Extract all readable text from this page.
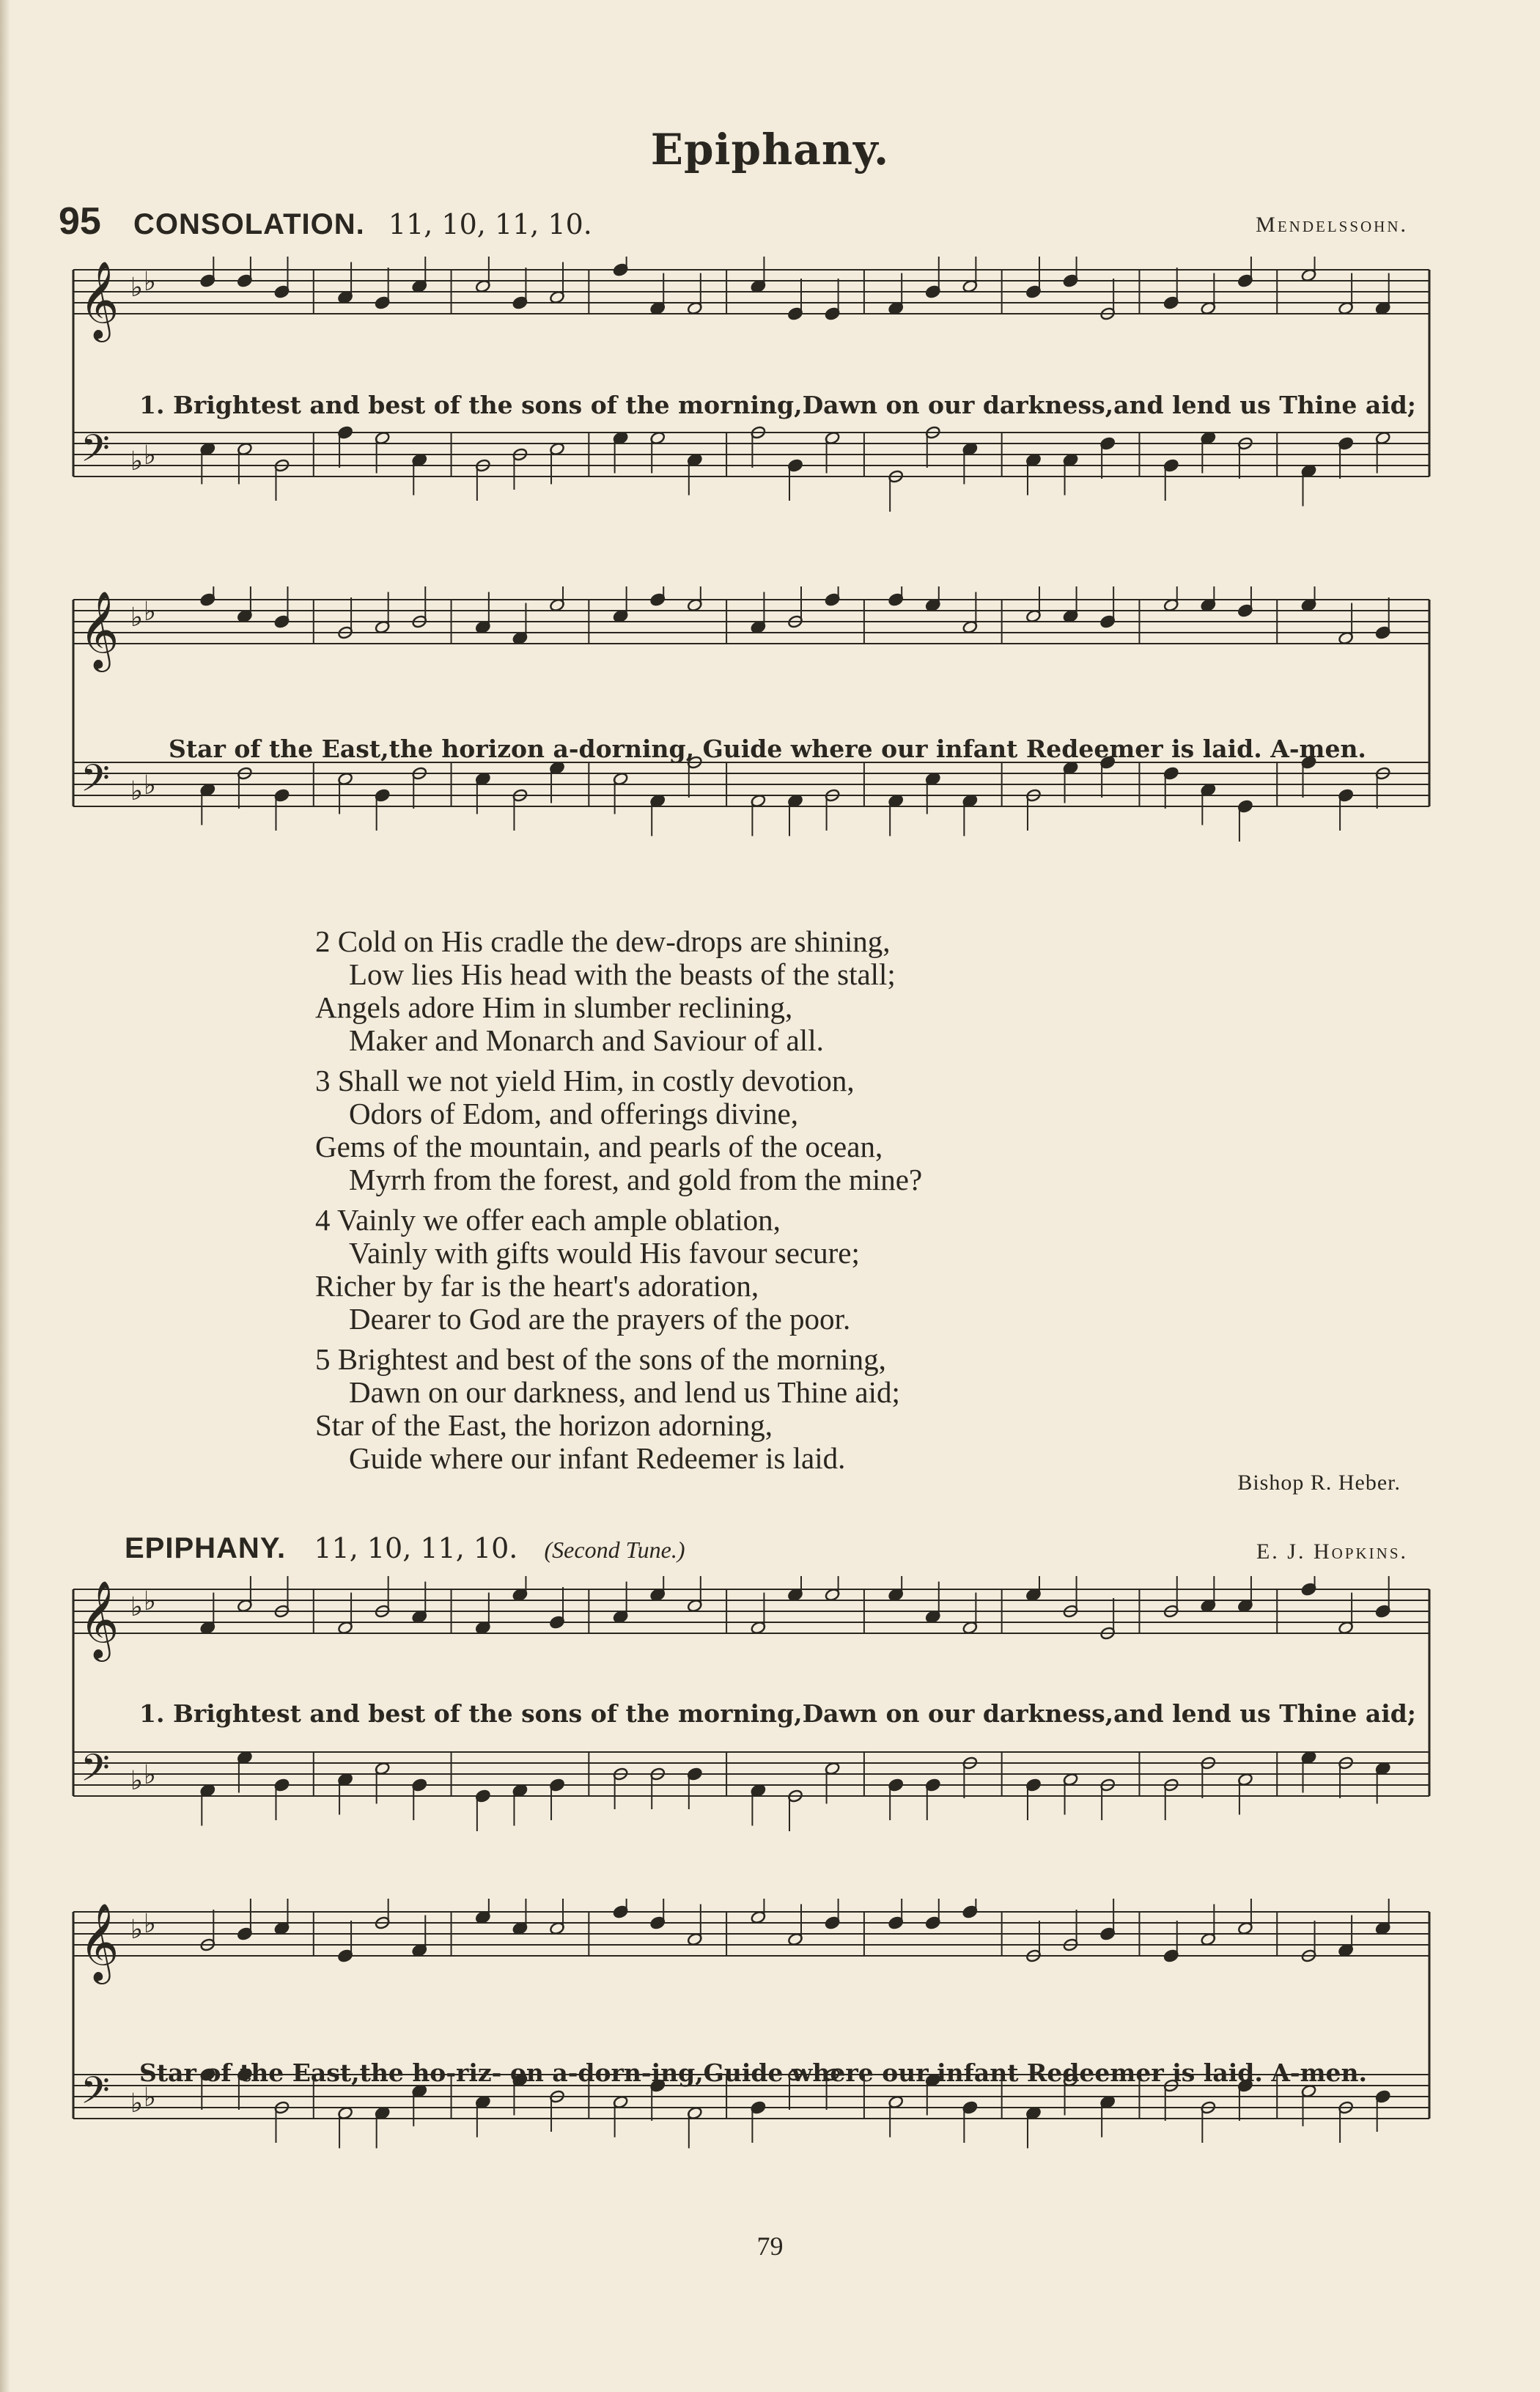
Epiphany.
95 CONSOLATION. 11, 10, 11, 10.	Mendelssohn.
𝄞
𝄢
♭
♭
♭
♭
1. Brightest and best of the sons of the morning,Dawn on our darkness,and lend us Thine aid;
𝄞
𝄢
♭
♭
♭
♭
Star of the East,the horizon a-dorning, Guide where our infant Redeemer is laid. A-men.
2 Cold on His cradle the dew-drops are shining,
Low lies His head with the beasts of the stall;
Angels adore Him in slumber reclining,
Maker and Monarch and Saviour of all.
3 Shall we not yield Him, in costly devotion,
Odors of Edom, and offerings divine,
Gems of the mountain, and pearls of the ocean,
Myrrh from the forest, and gold from the mine?
4 Vainly we offer each ample oblation,
Vainly with gifts would His favour secure;
Richer by far is the heart's adoration,
Dearer to God are the prayers of the poor.
5 Brightest and best of the sons of the morning,
Dawn on our darkness, and lend us Thine aid;
Star of the East, the horizon adorning,
Guide where our infant Redeemer is laid.
Bishop R. Heber.
EPIPHANY. 11, 10, 11, 10. (Second Tune.)	E. J. Hopkins.
𝄞
𝄢
♭
♭
♭
♭
1. Brightest and best of the sons of the morning,Dawn on our darkness,and lend us Thine aid;
𝄞
𝄢
♭
♭
♭
♭
Star of the East,the ho-riz- on a-dorn-ing,Guide where our infant Redeemer is laid. A-men.
79
